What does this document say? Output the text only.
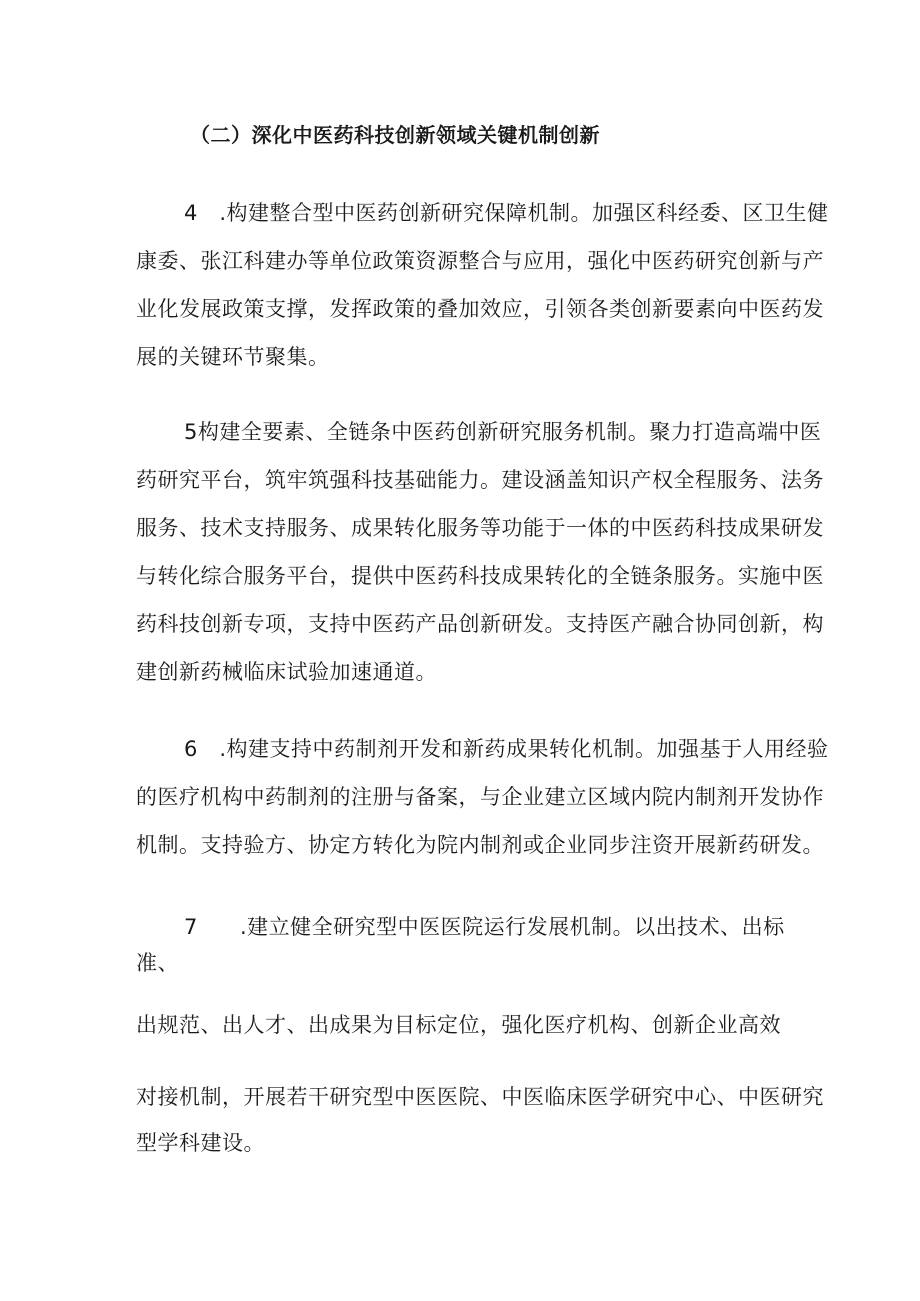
（二）深化中医药科技创新领域关键机制创新
4 .构建整合型中医药创新研究保障机制。加强区科经委、区卫生健
康委、张江科建办等单位政策资源整合与应用，强化中医药研究创新与产
业化发展政策支撑，发挥政策的叠加效应，引领各类创新要素向中医药发
展的关键环节聚集。
5构建全要素、全链条中医药创新研究服务机制。聚力打造高端中医
药研究平台，筑牢筑强科技基础能力。建设涵盖知识产权全程服务、法务
服务、技术支持服务、成果转化服务等功能于一体的中医药科技成果研发
与转化综合服务平台，提供中医药科技成果转化的全链条服务。实施中医
药科技创新专项，支持中医药产品创新研发。支持医产融合协同创新，构
建创新药械临床试验加速通道。
6 .构建支持中药制剂开发和新药成果转化机制。加强基于人用经验
的医疗机构中药制剂的注册与备案，与企业建立区域内院内制剂开发协作
机制。支持验方、协定方转化为院内制剂或企业同步注资开展新药研发。
7 .建立健全研究型中医医院运行发展机制。以出技术、出标
准、
出规范、出人才、出成果为目标定位，强化医疗机构、创新企业高效
对接机制，开展若干研究型中医医院、中医临床医学研究中心、中医研究
型学科建设。
